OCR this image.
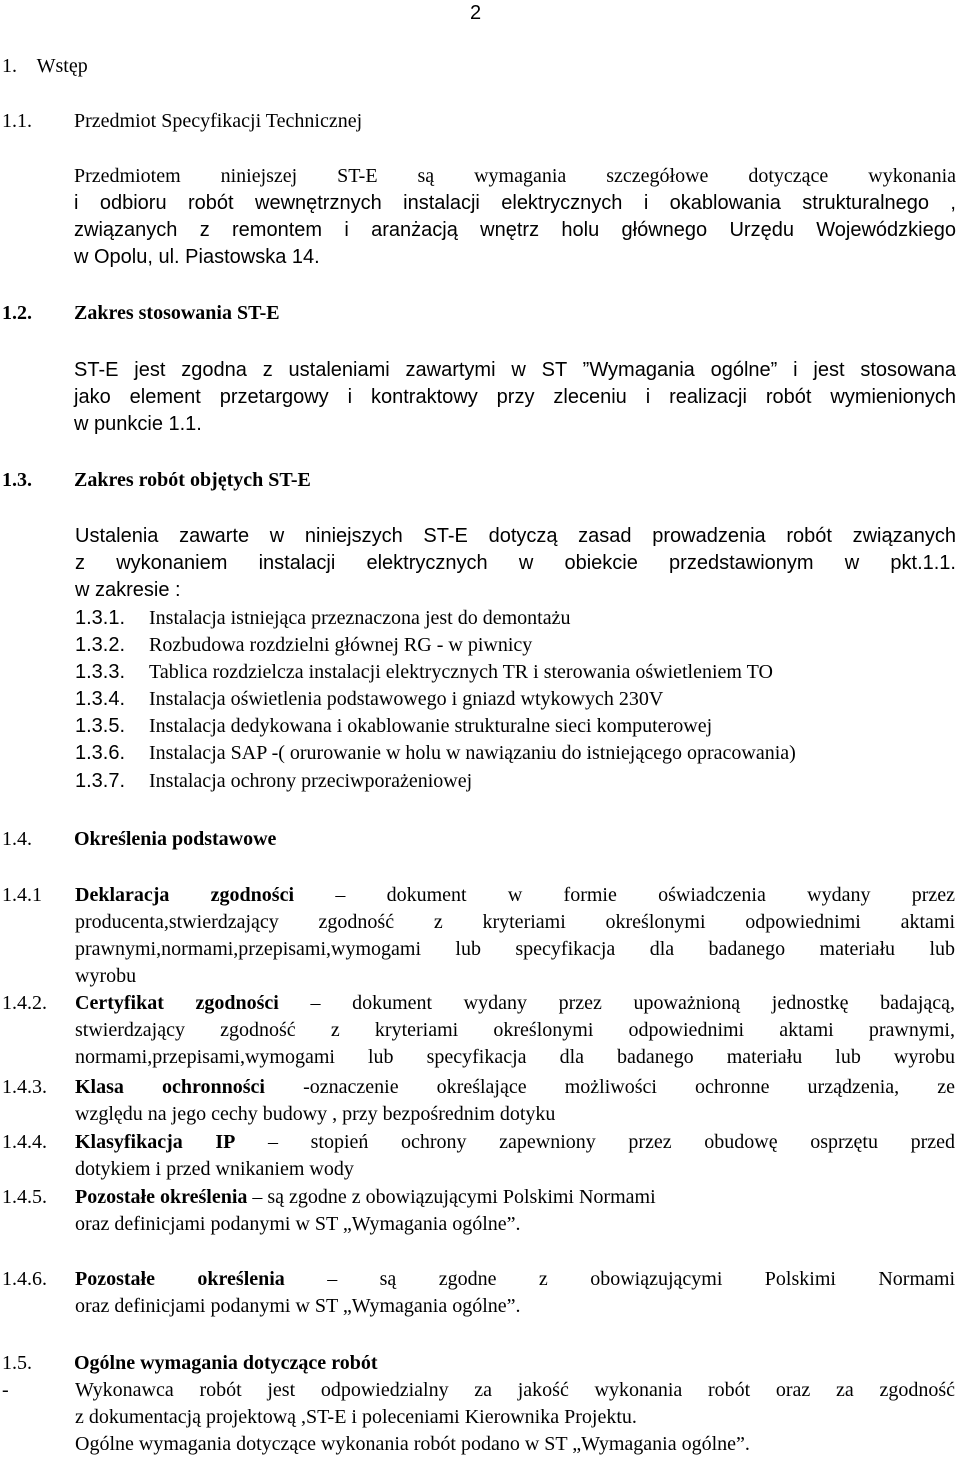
2
1. Wstęp
1.1. Przedmiot Specyfikacji Technicznej
Przedmiotem niniejszej ST-E są wymagania szczegółowe dotyczące wykonania
i odbioru robót wewnętrznych instalacji elektrycznych i okablowania strukturalnego ,
związanych z remontem i aranżacją wnętrz holu głównego Urzędu Wojewódzkiego
w Opolu, ul. Piastowska 14.
1.2. Zakres stosowania ST-E
ST-E jest zgodna z ustaleniami zawartymi w ST ”Wymagania ogólne” i jest stosowana
jako element przetargowy i kontraktowy przy zleceniu i realizacji robót wymienionych
w punkcie 1.1.
1.3. Zakres robót objętych ST-E
Ustalenia zawarte w niniejszych ST-E dotyczą zasad prowadzenia robót związanych
z wykonaniem instalacji elektrycznych w obiekcie przedstawionym w pkt.1.1.
w zakresie :
1.3.1. Instalacja istniejąca przeznaczona jest do demontażu
1.3.2. Rozbudowa rozdzielni głównej RG - w piwnicy
1.3.3. Tablica rozdzielcza instalacji elektrycznych TR i sterowania oświetleniem TO
1.3.4. Instalacja oświetlenia podstawowego i gniazd wtykowych 230V
1.3.5. Instalacja dedykowana i okablowanie strukturalne sieci komputerowej
1.3.6. Instalacja SAP -( orurowanie w holu w nawiązaniu do istniejącego opracowania)
1.3.7. Instalacja ochrony przeciwporażeniowej
1.4. Określenia podstawowe
1.4.1 Deklaracja zgodności – dokument w formie oświadczenia wydany przez
producenta,stwierdzający zgodność z kryteriami określonymi odpowiednimi aktami
prawnymi,normami,przepisami,wymogami lub specyfikacja dla badanego materiału lub
wyrobu
1.4.2. Certyfikat zgodności – dokument wydany przez upoważnioną jednostkę badającą,
stwierdzający zgodność z kryteriami określonymi odpowiednimi aktami prawnymi,
normami,przepisami,wymogami lub specyfikacja dla badanego materiału lub wyrobu
1.4.3. Klasa ochronności -oznaczenie określające możliwości ochronne urządzenia, ze
względu na jego cechy budowy , przy bezpośrednim dotyku
1.4.4. Klasyfikacja IP – stopień ochrony zapewniony przez obudowę osprzętu przed
dotykiem i przed wnikaniem wody
1.4.5. Pozostałe określenia – są zgodne z obowiązującymi Polskimi Normami
oraz definicjami podanymi w ST „Wymagania ogólne”.
1.4.6. Pozostałe określenia – są zgodne z obowiązującymi Polskimi Normami
oraz definicjami podanymi w ST „Wymagania ogólne”.
1.5. Ogólne wymagania dotyczące robót
-	Wykonawca robót jest odpowiedzialny za jakość wykonania robót oraz za zgodność
z dokumentacją projektową ,ST-E i poleceniami Kierownika Projektu.
Ogólne wymagania dotyczące wykonania robót podano w ST „Wymagania ogólne”.
